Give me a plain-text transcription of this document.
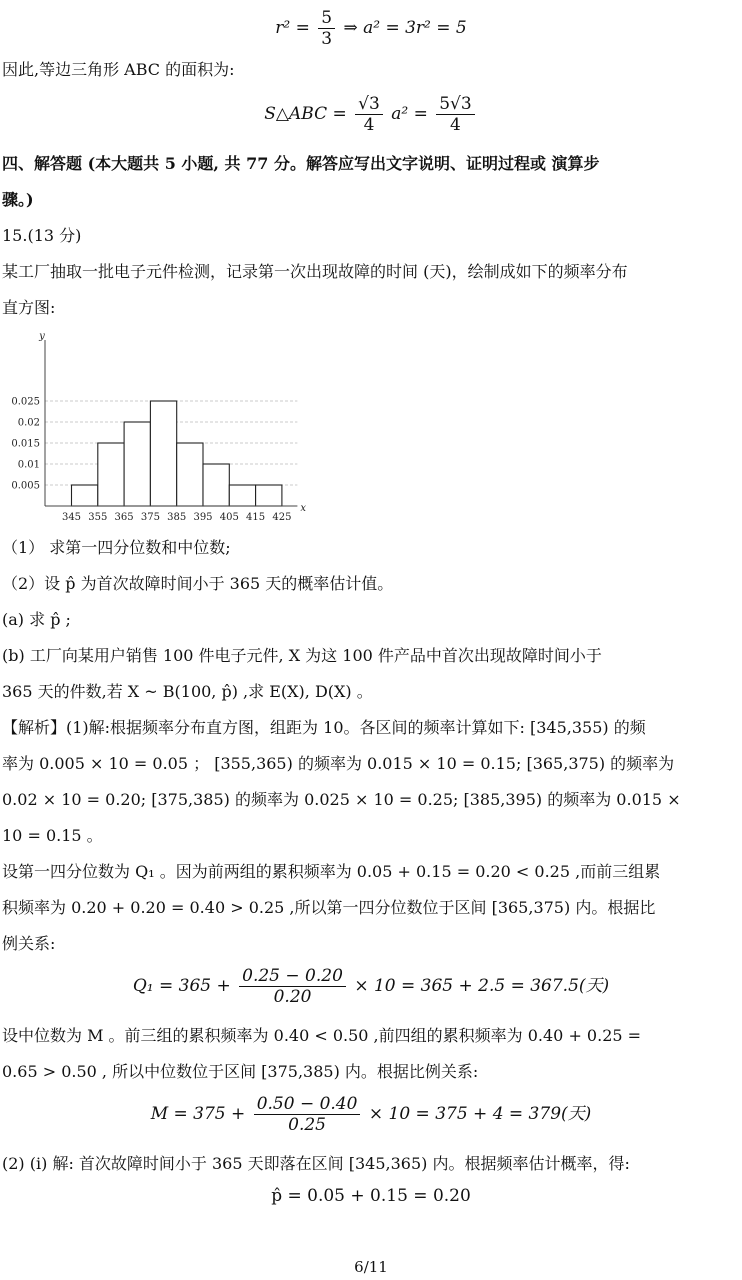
$r^2 = \frac{5}{3}$ ⇒ a² = 3r² = 5
因此,等边三角形 ABC 的面积为:
S△ABC = $\frac{√3}{4} a^2 = \frac{5√3}{4}$
四、解答题 (本大题共 5 小题, 共 77 分。解答应写出文字说明、证明过程或 演算步
骤。)
15.(13 分)
某工厂抽取一批电子元件检测，记录第一次出现故障的时间 (天)，绘制成如下的频率分布
直方图:
x
y
0.005
0.01
0.015
0.02
0.025
345 355 365 375 385 395 405 415 425
（1） 求第一四分位数和中位数;
（2）设 p̂ 为首次故障时间小于 365 天的概率估计值。
(a) 求 p̂ ;
(b) 工厂向某用户销售 100 件电子元件, X 为这 100 件产品中首次出现故障时间小于
365 天的件数,若 X ~ B(100, p̂) ,求 E(X), D(X) 。
【解析】(1)解:根据频率分布直方图，组距为 10。各区间的频率计算如下: [345,355) 的频
率为 0.005 × 10 = 0.05 ； [355,365) 的频率为 0.015 × 10 = 0.15; [365,375) 的频率为
0.02 × 10 = 0.20; [375,385) 的频率为 0.025 × 10 = 0.25; [385,395) 的频率为 0.015 ×
10 = 0.15 。
设第一四分位数为 Q₁ 。因为前两组的累积频率为 0.05 + 0.15 = 0.20 < 0.25 ,而前三组累
积频率为 0.20 + 0.20 = 0.40 > 0.25 ,所以第一四分位数位于区间 [365,375) 内。根据比
例关系:
$Q_1 = 365 + \frac{0.25 - 0.20}{0.20} \times 10 = 365 + 2.5 = 367.5$(天)
设中位数为 M 。前三组的累积频率为 0.40 < 0.50 ,前四组的累积频率为 0.40 + 0.25 =
0.65 > 0.50 , 所以中位数位于区间 [375,385) 内。根据比例关系:
$M = 375 + \frac{0.50 - 0.40}{0.25} \times 10 = 375 + 4 = 379$(天)
(2) (i) 解: 首次故障时间小于 365 天即落在区间 [345,365) 内。根据频率估计概率，得:
p̂ = 0.05 + 0.15 = 0.20
6/11
